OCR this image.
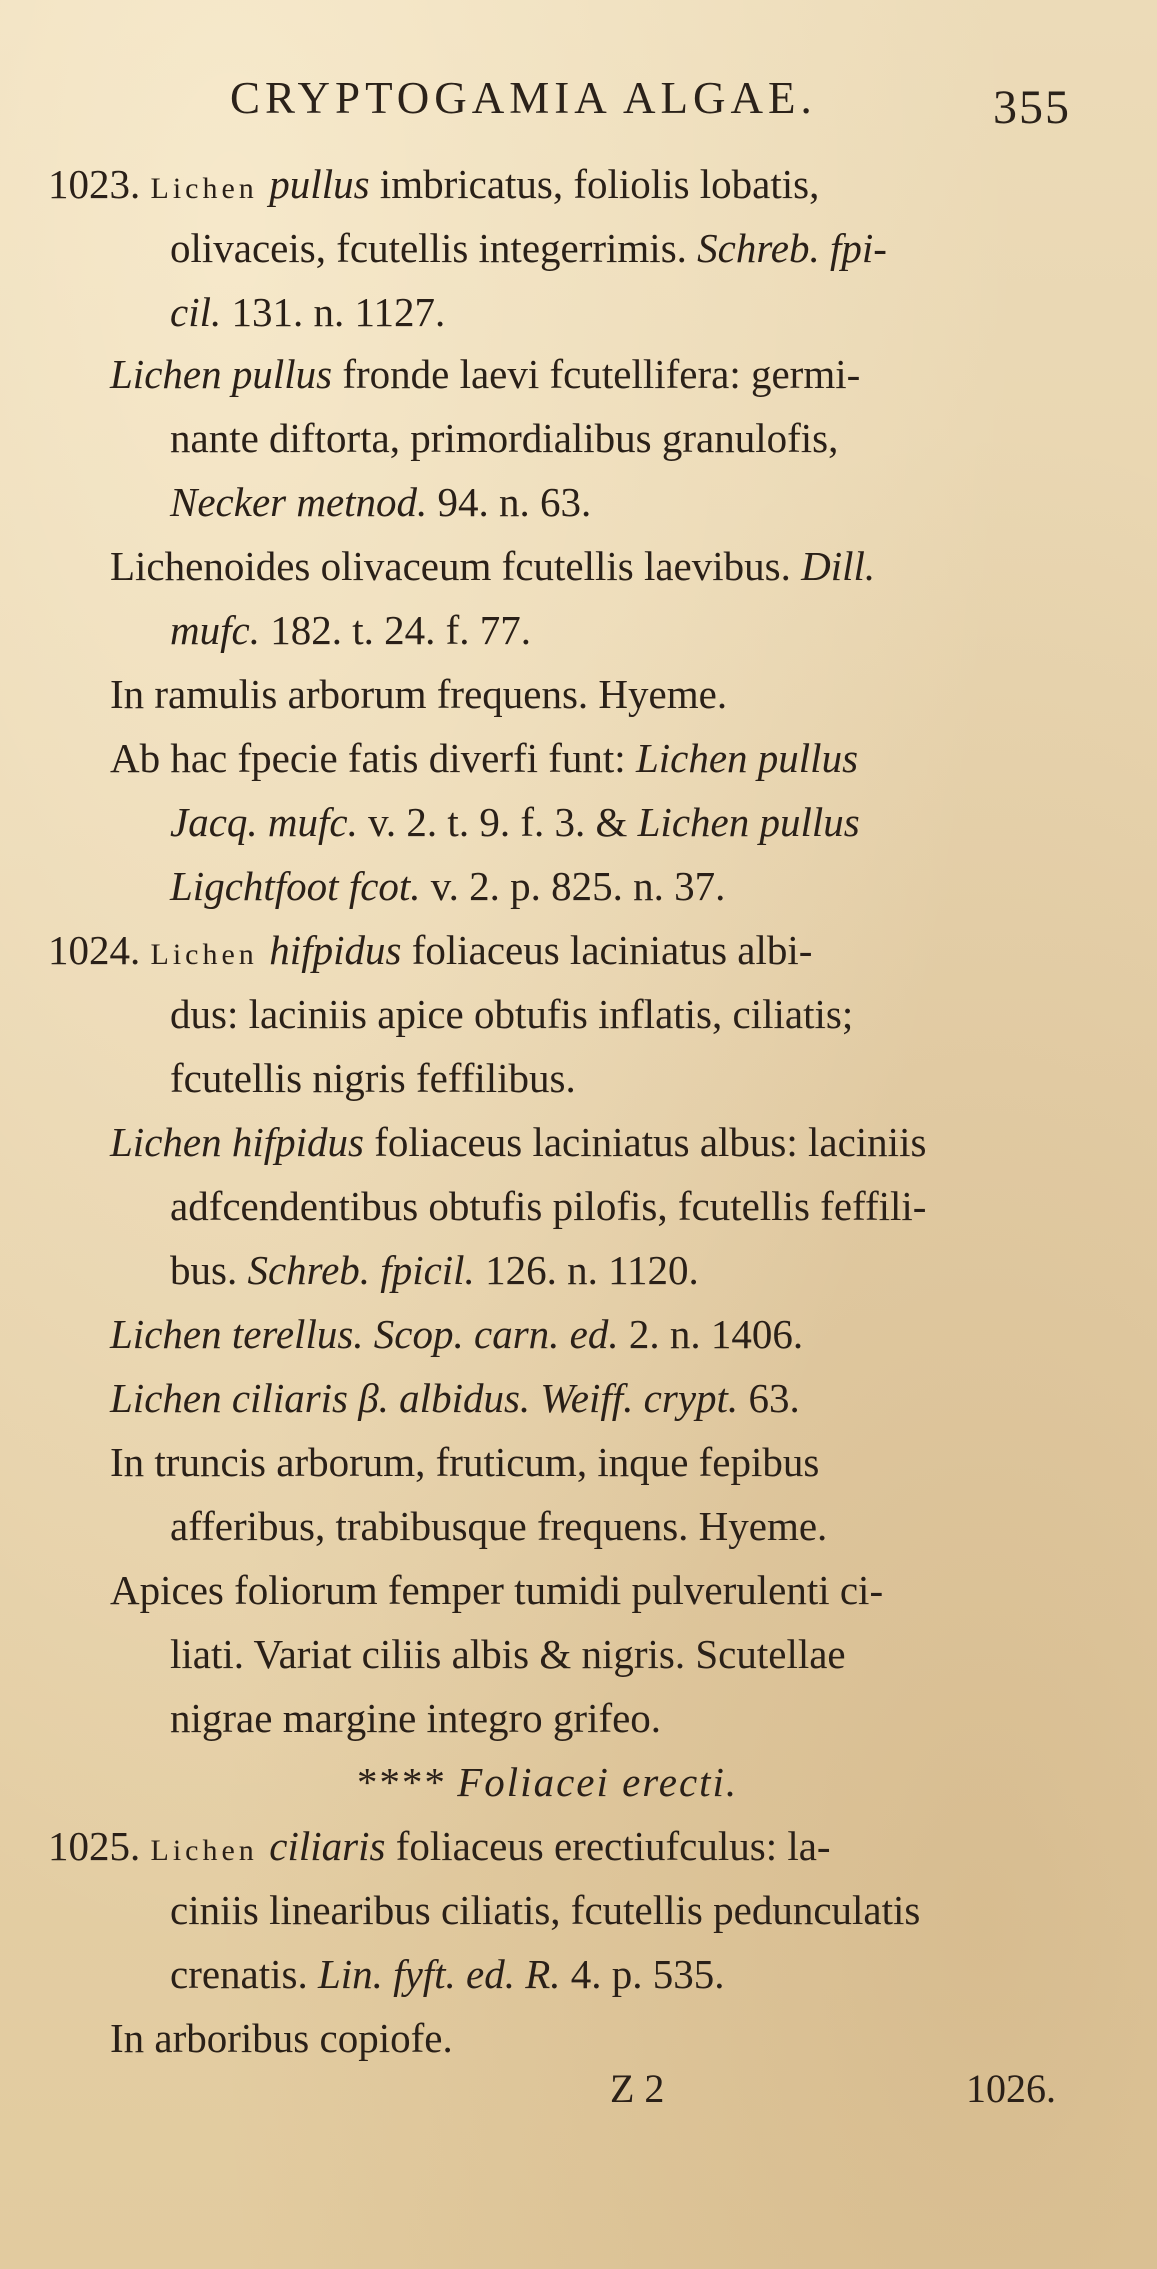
CRYPTOGAMIA ALGAE.	355
1023. Lichen pullus imbricatus, foliolis lobatis,
olivaceis, fcutellis integerrimis. Schreb. fpi-
cil. 131. n. 1127.
Lichen pullus fronde laevi fcutellifera: germi-
nante diftorta, primordialibus granulofis,
Necker metnod. 94. n. 63.
Lichenoides olivaceum fcutellis laevibus. Dill.
mufc. 182. t. 24. f. 77.
In ramulis arborum frequens. Hyeme.
Ab hac fpecie fatis diverfi funt: Lichen pullus
Jacq. mufc. v. 2. t. 9. f. 3. & Lichen pullus
Ligchtfoot fcot. v. 2. p. 825. n. 37.
1024. Lichen hifpidus foliaceus laciniatus albi-
dus: laciniis apice obtufis inflatis, ciliatis;
fcutellis nigris feffilibus.
Lichen hifpidus foliaceus laciniatus albus: laciniis
adfcendentibus obtufis pilofis, fcutellis feffili-
bus. Schreb. fpicil. 126. n. 1120.
Lichen terellus. Scop. carn. ed. 2. n. 1406.
Lichen ciliaris β. albidus. Weiff. crypt. 63.
In truncis arborum, fruticum, inque fepibus
afferibus, trabibusque frequens. Hyeme.
Apices foliorum femper tumidi pulverulenti ci-
liati. Variat ciliis albis & nigris. Scutellae
nigrae margine integro grifeo.
**** Foliacei erecti.
1025. Lichen ciliaris foliaceus erectiufculus: la-
ciniis linearibus ciliatis, fcutellis pedunculatis
crenatis. Lin. fyft. ed. R. 4. p. 535.
In arboribus copiofe.
Z 2	1026.
